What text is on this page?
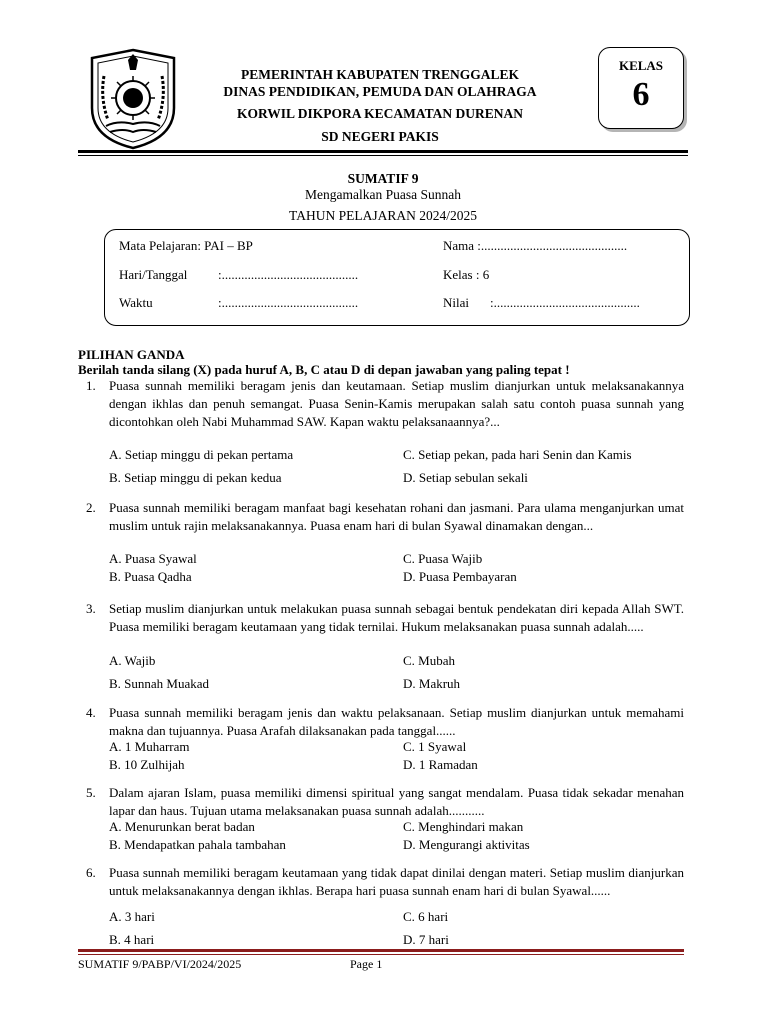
PEMERINTAH KABUPATEN TRENGGALEK
DINAS PENDIDIKAN, PEMUDA DAN OLAHRAGA
KORWIL DIKPORA KECAMATAN DURENAN
SD NEGERI PAKIS
KELAS
6
SUMATIF 9
Mengamalkan Puasa Sunnah
TAHUN PELAJARAN 2024/2025
Mata Pelajaran: PAI – BP	Nama :.............................................
Hari/Tanggal :..........................................	Kelas : 6
Waktu	:..........................................	Nilai :.............................................
PILIHAN GANDA
Berilah tanda silang (X) pada huruf A, B, C atau D di depan jawaban yang paling tepat !
1. Puasa sunnah memiliki beragam jenis dan keutamaan. Setiap muslim dianjurkan untuk melaksanakannya dengan ikhlas dan penuh semangat. Puasa Senin-Kamis merupakan salah satu contoh puasa sunnah yang dicontohkan oleh Nabi Muhammad SAW. Kapan waktu pelaksanaannya?...
A. Setiap minggu di pekan pertama	C. Setiap pekan, pada hari Senin dan Kamis
B. Setiap minggu di pekan kedua	D. Setiap sebulan sekali
2. Puasa sunnah memiliki beragam manfaat bagi kesehatan rohani dan jasmani. Para ulama menganjurkan umat muslim untuk rajin melaksanakannya. Puasa enam hari di bulan Syawal dinamakan dengan...
A. Puasa Syawal	C. Puasa Wajib
B. Puasa Qadha	D. Puasa Pembayaran
3. Setiap muslim dianjurkan untuk melakukan puasa sunnah sebagai bentuk pendekatan diri kepada Allah SWT. Puasa memiliki beragam keutamaan yang tidak ternilai. Hukum melaksanakan puasa sunnah adalah.....
A. Wajib	C. Mubah
B. Sunnah Muakad	D. Makruh
4. Puasa sunnah memiliki beragam jenis dan waktu pelaksanaan. Setiap muslim dianjurkan untuk memahami makna dan tujuannya. Puasa Arafah dilaksanakan pada tanggal......
A. 1 Muharram	C. 1 Syawal
B. 10 Zulhijah	D. 1 Ramadan
5. Dalam ajaran Islam, puasa memiliki dimensi spiritual yang sangat mendalam. Puasa tidak sekadar menahan lapar dan haus. Tujuan utama melaksanakan puasa sunnah adalah...........
A. Menurunkan berat badan	C. Menghindari makan
B. Mendapatkan pahala tambahan	D. Mengurangi aktivitas
6. Puasa sunnah memiliki beragam keutamaan yang tidak dapat dinilai dengan materi. Setiap muslim dianjurkan untuk melaksanakannya dengan ikhlas. Berapa hari puasa sunnah enam hari di bulan Syawal......
A. 3 hari	C. 6 hari
B. 4 hari	D. 7 hari
SUMATIF 9/PABP/VI/2024/2025	Page 1
